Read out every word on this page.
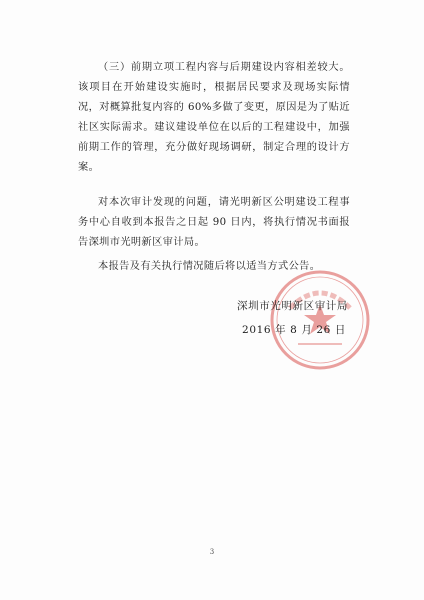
（三）前期立项工程内容与后期建设内容相差较大。该项目在开始建设实施时，根据居民要求及现场实际情况，对概算批复内容的 60%多做了变更，原因是为了贴近社区实际需求。建议建设单位在以后的工程建设中，加强前期工作的管理，充分做好现场调研，制定合理的设计方案。

对本次审计发现的问题，请光明新区公明建设工程事务中心自收到本报告之日起 90 日内，将执行情况书面报告深圳市光明新区审计局。

本报告及有关执行情况随后将以适当方式公告。

深圳市光明新区审计局
2016 年 8 月 26 日
3
